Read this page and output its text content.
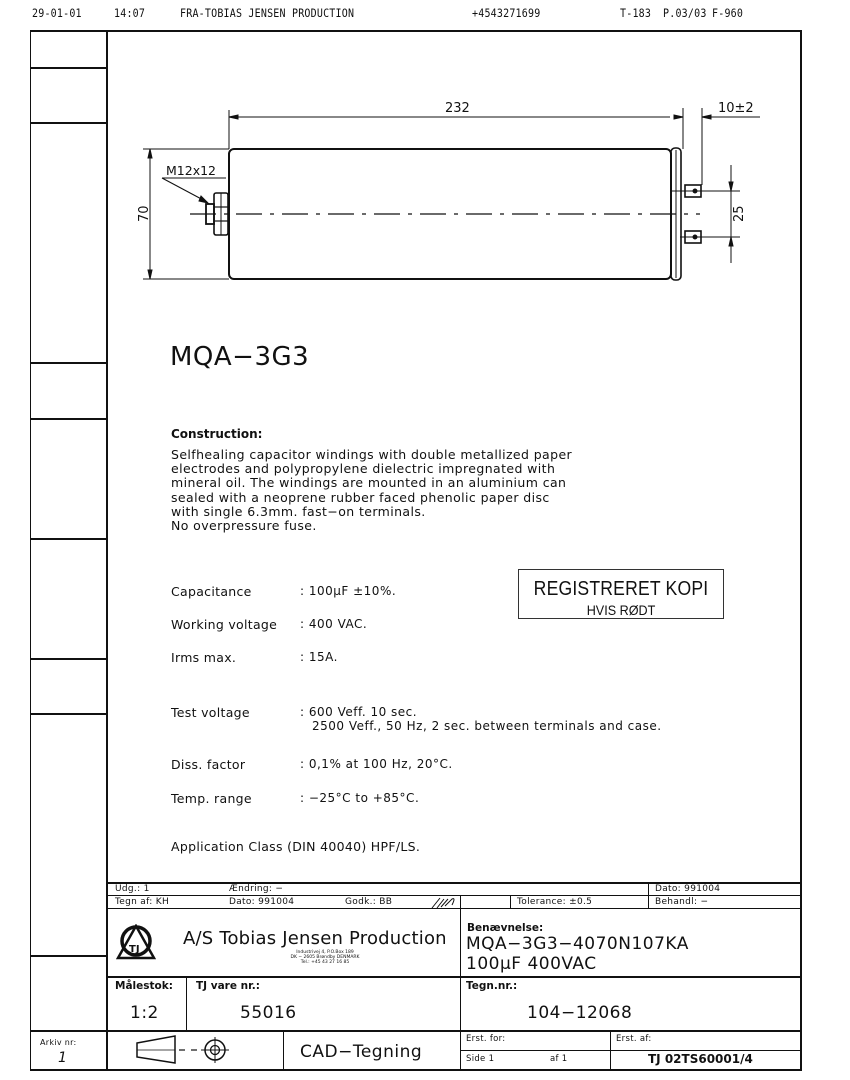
29-01-01	14:07	FRA-TOBIAS JENSEN PRODUCTION	+4543271699	T-183 P.03/03 F-960
232	10±2
M12x12
70	25
MQA−3G3
Construction:
Selfhealing capacitor windings with double metallized paper
electrodes and polypropylene dielectric impregnated with
mineral oil. The windings are mounted in an aluminium can
sealed with a neoprene rubber faced phenolic paper disc
with single 6.3mm. fast−on terminals.
No overpressure fuse.
Capacitance	: 100μF ±10%.
Working voltage : 400 VAC.
Irms max.	: 15A.
Test voltage	: 600 Veff. 10 sec.
2500 Veff., 50 Hz, 2 sec. between terminals and case.
Diss. factor	: 0,1% at 100 Hz, 20°C.
Temp. range	: −25°C to +85°C.
Application Class (DIN 40040) HPF/LS.
REGISTRERET KOPI
HVIS RØDT
Udg.: 1	Ændring: −	Dato: 991004
Tegn af: KH	Dato: 991004	Godk.: BB	Tolerance: ±0.5	Behandl: −
TJ
A/S Tobias Jensen Production
Industrivej 4, P.O.Box 189
DK − 2605 Brøndby DENMARK
Tel.: +45 43 27 16 85
Benævnelse:
MQA−3G3−4070N107KA
100μF 400VAC
Målestok:
1:2
TJ vare nr.:
55016
Tegn.nr.:
104−12068
CAD−Tegning
Erst. for:
Side 1	af 1
Erst. af:
TJ 02TS60001/4
Arkiv nr:
1
